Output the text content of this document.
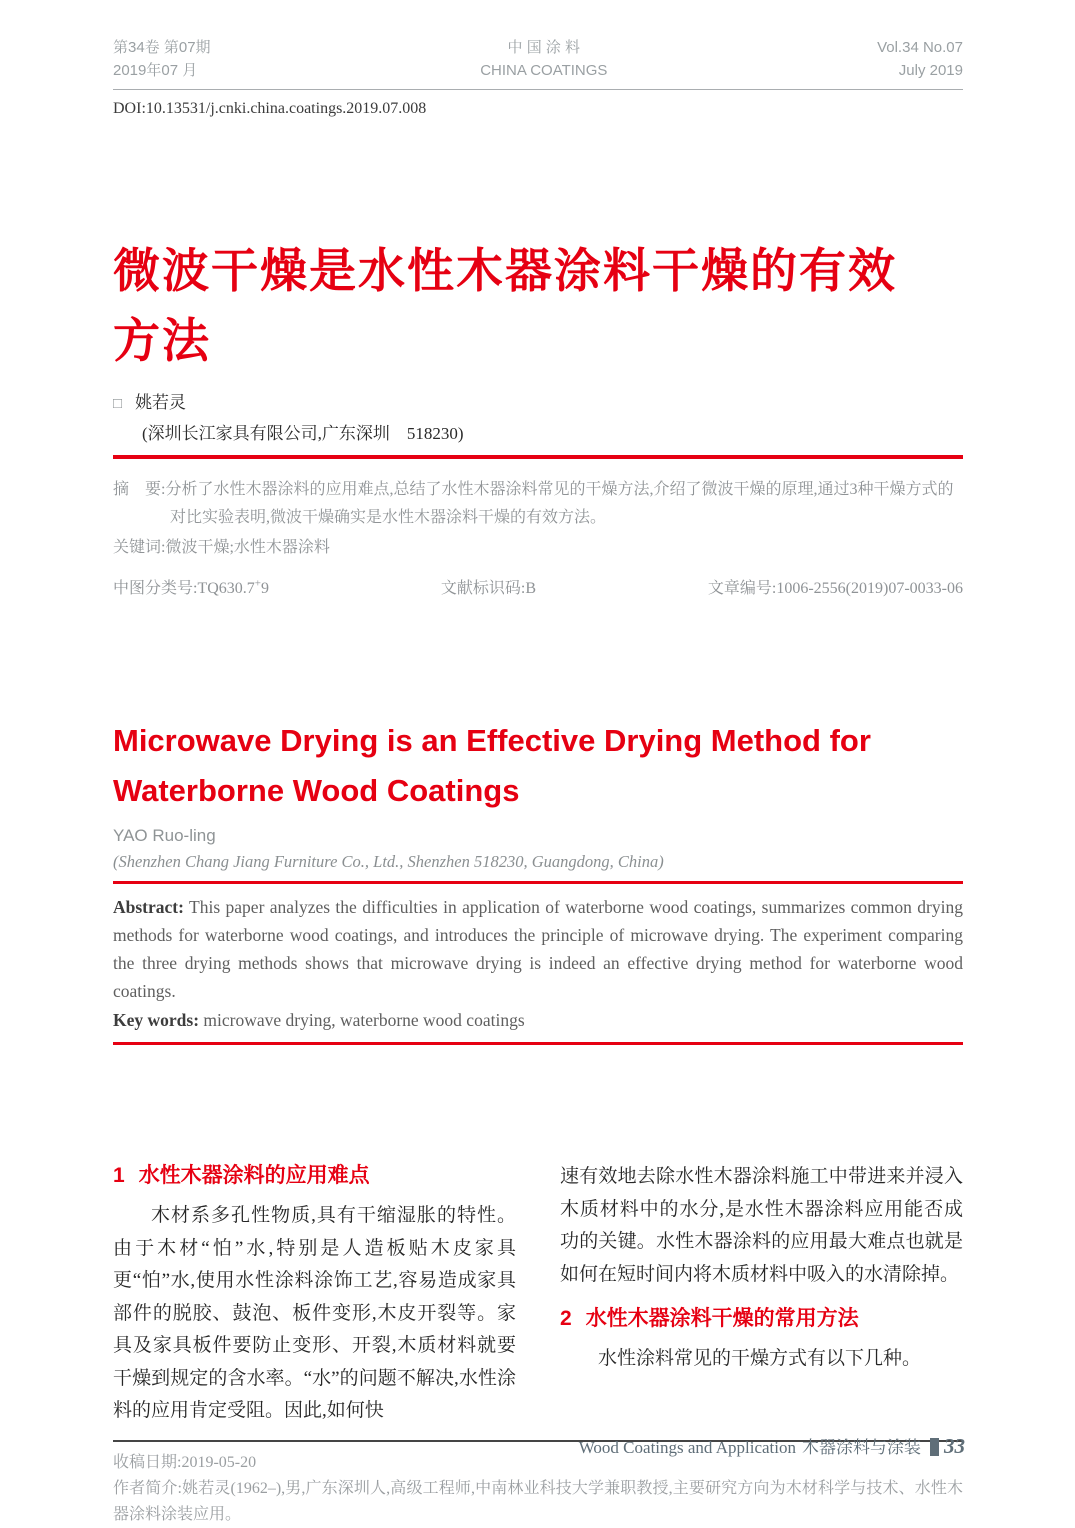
第34卷 第07期
2019年07 月
中 国 涂 料
CHINA COATINGS
Vol.34 No.07
July 2019
DOI:10.13531/j.cnki.china.coatings.2019.07.008
微波干燥是水性木器涂料干燥的有效方法
□ 姚若灵
(深圳长江家具有限公司,广东深圳　518230)
摘　要:分析了水性木器涂料的应用难点,总结了水性木器涂料常见的干燥方法,介绍了微波干燥的原理,通过3种干燥方式的对比实验表明,微波干燥确实是水性木器涂料干燥的有效方法。
关键词:微波干燥;水性木器涂料
中图分类号:TQ630.7+9	文献标识码:B	文章编号:1006-2556(2019)07-0033-06
Microwave Drying is an Effective Drying Method for Waterborne Wood Coatings
YAO Ruo-ling
(Shenzhen Chang Jiang Furniture Co., Ltd., Shenzhen 518230, Guangdong, China)
Abstract: This paper analyzes the difficulties in application of waterborne wood coatings, summarizes common drying methods for waterborne wood coatings, and introduces the principle of microwave drying. The experiment comparing the three drying methods shows that microwave drying is indeed an effective drying method for waterborne wood coatings.
Key words: microwave drying, waterborne wood coatings
1 水性木器涂料的应用难点

木材系多孔性物质,具有干缩湿胀的特性。由于木材“怕”水,特别是人造板贴木皮家具更“怕”水,使用水性涂料涂饰工艺,容易造成家具部件的脱胶、鼓泡、板件变形,木皮开裂等。家具及家具板件要防止变形、开裂,木质材料就要干燥到规定的含水率。“水”的问题不解决,水性涂料的应用肯定受阻。因此,如何快

速有效地去除水性木器涂料施工中带进来并浸入木质材料中的水分,是水性木器涂料应用能否成功的关键。水性木器涂料的应用最大难点也就是如何在短时间内将木质材料中吸入的水清除掉。

2 水性木器涂料干燥的常用方法

水性涂料常见的干燥方式有以下几种。

收稿日期:2019-05-20
作者简介:姚若灵(1962–),男,广东深圳人,高级工程师,中南林业科技大学兼职教授,主要研究方向为木材科学与技术、水性木器涂料涂装应用。
Wood Coatings and Application 木器涂料与涂装 33
